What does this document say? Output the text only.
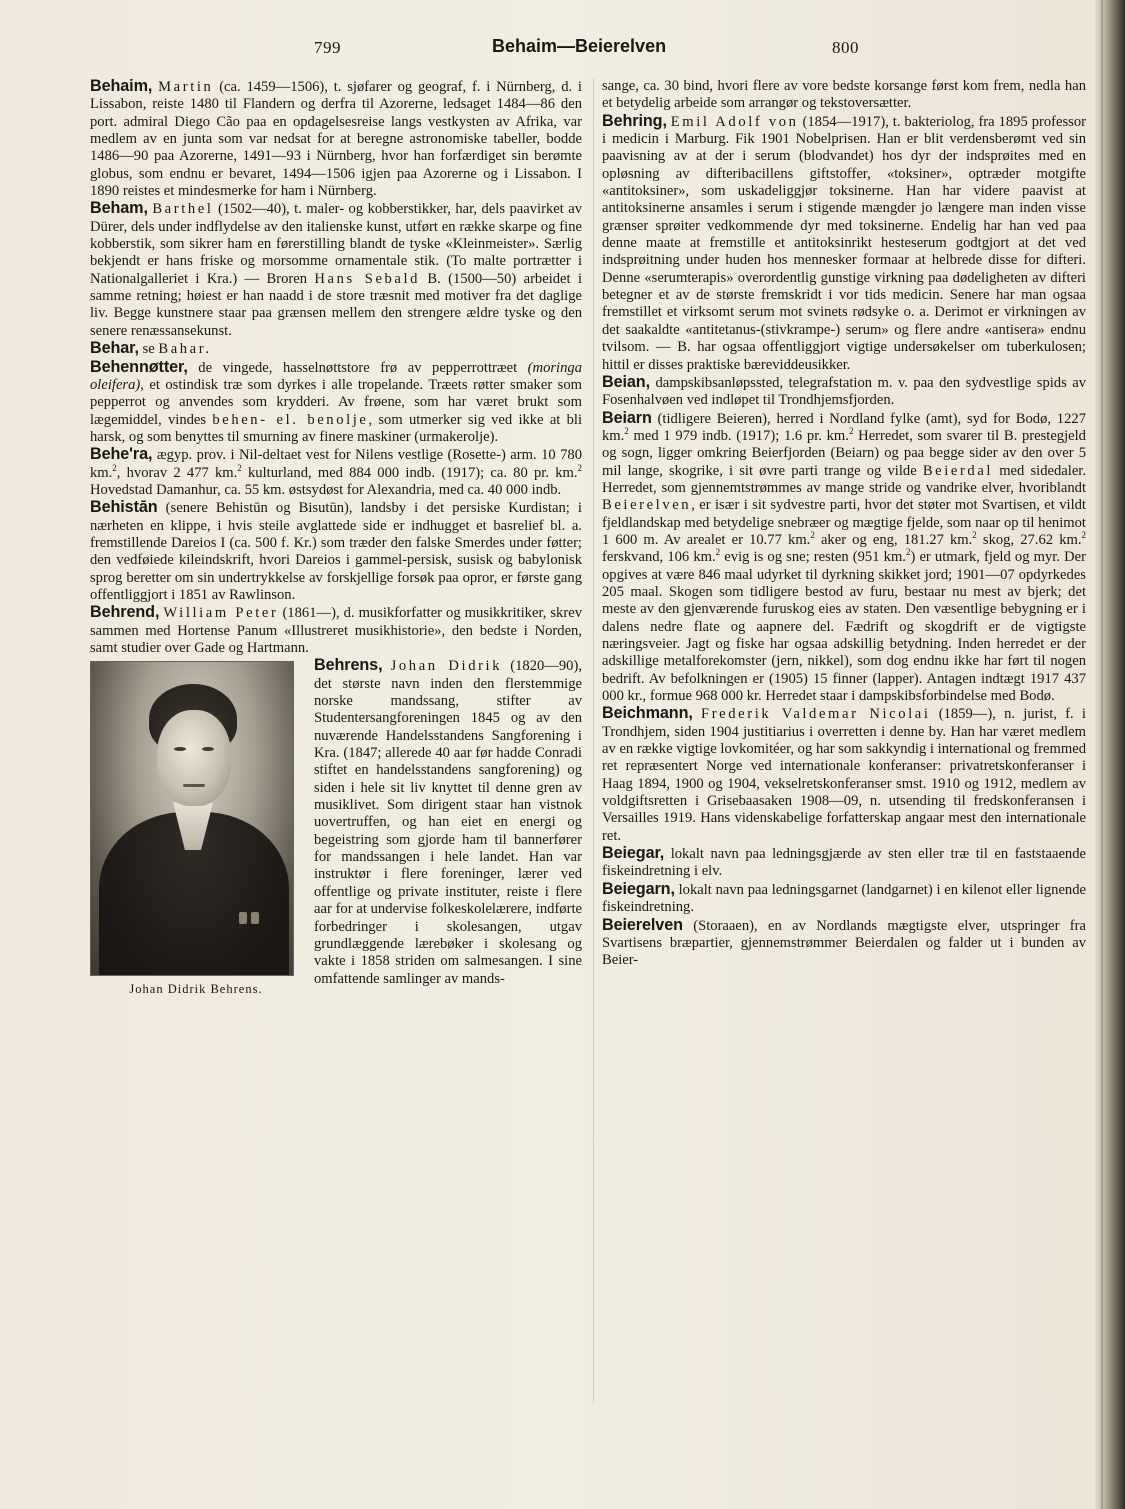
799	Behaim—Beierelven	800

Behaim, Martin (ca. 1459—1506), t. sjøfarer og geograf, f. i Nürnberg, d. i Lissabon, reiste 1480 til Flandern og derfra til Azorerne, ledsaget 1484—86 den port. admiral Diego Cão paa en opdagelsesreise langs vestkysten av Afrika, var medlem av en junta som var nedsat for at beregne astronomiske tabeller, bodde 1486—90 paa Azorerne, 1491—93 i Nürnberg, hvor han forfærdiget sin berømte globus, som endnu er bevaret, 1494—1506 igjen paa Azorerne og i Lissabon. I 1890 reistes et mindesmerke for ham i Nürnberg.

Beham, Barthel (1502—40), t. maler- og kobberstikker, har, dels paavirket av Dürer, dels under indflydelse av den italienske kunst, utført en række skarpe og fine kobberstik, som sikrer ham en førerstilling blandt de tyske «Kleinmeister». Særlig bekjendt er hans friske og morsomme ornamentale stik. (To malte portrætter i Nationalgalleriet i Kra.) — Broren Hans Sebald B. (1500—50) arbeidet i samme retning; høiest er han naadd i de store træsnit med motiver fra det daglige liv. Begge kunstnere staar paa grænsen mellem den strengere ældre tyske og den senere renæssansekunst.

Behar, se Bahar.

Behennøtter, de vingede, hasselnøttstore frø av pepperrottræet (moringa oleifera), et ostindisk træ som dyrkes i alle tropelande. Træets røtter smaker som pepperrot og anvendes som krydderi. Av frøene, som har været brukt som lægemiddel, vindes behen- el. benolje, som utmerker sig ved ikke at bli harsk, og som benyttes til smurning av finere maskiner (urmakerolje).

Behe'ra, ægyp. prov. i Nil-deltaet vest for Nilens vestlige (Rosette-) arm. 10 780 km.$^2$, hvorav 2 477 km.$^2$ kulturland, med 884 000 indb. (1917); ca. 80 pr. km.$^2$ Hovedstad Damanhur, ca. 55 km. østsydøst for Alexandria, med ca. 40 000 indb.

Behistān (senere Behistūn og Bisutūn), landsby i det persiske Kurdistan; i nærheten en klippe, i hvis steile avglattede side er indhugget et basrelief bl. a. fremstillende Dareios I (ca. 500 f. Kr.) som træder den falske Smerdes under føtter; den vedføiede kileindskrift, hvori Dareios i gammel-persisk, susisk og babylonisk sprog beretter om sin undertrykkelse av forskjellige forsøk paa opror, er første gang offentliggjort i 1851 av Rawlinson.

Behrend, William Peter (1861—), d. musikforfatter og musikkritiker, skrev sammen med Hortense Panum «Illustreret musikhistorie», den bedste i Norden, samt studier over Gade og Hartmann.

Johan Didrik Behrens.

Behrens, Johan Didrik (1820—90), det største navn inden den flerstemmige norske mandssang, stifter av Studentersangforeningen 1845 og av den nuværende Handelsstandens Sangforening i Kra. (1847; allerede 40 aar før hadde Conradi stiftet en handelsstandens sangforening) og siden i hele sit liv knyttet til denne gren av musiklivet. Som dirigent staar han vistnok uovertruffen, og han eiet en energi og begeistring som gjorde ham til bannerfører for mandssangen i hele landet. Han var instruktør i flere foreninger, lærer ved offentlige og private instituter, reiste i flere aar for at undervise folkeskolelærere, indførte forbedringer i skolesangen, utgav grundlæggende lærebøker i skolesang og vakte i 1858 striden om salmesangen. I sine omfattende samlinger av mands-

sange, ca. 30 bind, hvori flere av vore bedste korsange først kom frem, nedla han et betydelig arbeide som arrangør og tekstoversætter.

Behring, Emil Adolf von (1854—1917), t. bakteriolog, fra 1895 professor i medicin i Marburg. Fik 1901 Nobelprisen. Han er blit verdensberømt ved sin paavisning av at der i serum (blodvandet) hos dyr der indsprøites med en opløsning av difteribacillens giftstoffer, «toksiner», optræder motgifte «antitoksiner», som uskadeliggjør toksinerne. Han har videre paavist at antitoksinerne ansamles i serum i stigende mængder jo længere man inden visse grænser sprøiter vedkommende dyr med toksinerne. Endelig har han ved paa denne maate at fremstille et antitoksinrikt hesteserum godtgjort at det ved indsprøitning under huden hos mennesker formaar at helbrede disse for difteri. Denne «serumterapis» overordentlig gunstige virkning paa dødeligheten av difteri betegner et av de største fremskridt i vor tids medicin. Senere har man ogsaa fremstillet et virksomt serum mot svinets rødsyke o. a. Derimot er virkningen av det saakaldte «antitetanus-(stivkrampe-) serum» og flere andre «antisera» endnu tvilsom. — B. har ogsaa offentliggjort vigtige undersøkelser om tuberkulosen; hittil er disses praktiske bæreviddeusikker.

Beian, dampskibsanløpssted, telegrafstation m. v. paa den sydvestlige spids av Fosenhalvøen ved indløpet til Trondhjemsfjorden.

Beiarn (tidligere Beieren), herred i Nordland fylke (amt), syd for Bodø, 1227 km.$^2$ med 1 979 indb. (1917); 1.6 pr. km.$^2$ Herredet, som svarer til B. prestegjeld og sogn, ligger omkring Beierfjorden (Beiarn) og paa begge sider av den over 5 mil lange, skogrike, i sit øvre parti trange og vilde Beierdal med sidedaler. Herredet, som gjennemtstrømmes av mange stride og vandrike elver, hvoriblandt Beierelven, er især i sit sydvestre parti, hvor det støter mot Svartisen, et vildt fjeldlandskap med betydelige snebræer og mægtige fjelde, som naar op til henimot 1 600 m. Av arealet er 10.77 km.$^2$ aker og eng, 181.27 km.$^2$ skog, 27.62 km.$^2$ ferskvand, 106 km.$^2$ evig is og sne; resten (951 km.$^2$) er utmark, fjeld og myr. Der opgives at være 846 maal udyrket til dyrkning skikket jord; 1901—07 opdyrkedes 205 maal. Skogen som tidligere bestod av furu, bestaar nu mest av bjerk; det meste av den gjenværende furuskog eies av staten. Den væsentlige bebygning er i dalens nedre flate og aapnere del. Fædrift og skogdrift er de vigtigste næringsveier. Jagt og fiske har ogsaa adskillig betydning. Inden herredet er der adskillige metalforekomster (jern, nikkel), som dog endnu ikke har ført til nogen bedrift. Av befolkningen er (1905) 15 finner (lapper). Antagen indtægt 1917 437 000 kr., formue 968 000 kr. Herredet staar i dampskibsforbindelse med Bodø.

Beichmann, Frederik Valdemar Nicolai (1859—), n. jurist, f. i Trondhjem, siden 1904 justitiarius i overretten i denne by. Han har været medlem av en række vigtige lovkomitéer, og har som sakkyndig i international og fremmed ret repræsentert Norge ved internationale konferanser: privatretskonferanser i Haag 1894, 1900 og 1904, vekselretskonferanser smst. 1910 og 1912, medlem av voldgiftsretten i Grisebaasaken 1908—09, n. utsending til fredskonferansen i Versailles 1919. Hans videnskabelige forfatterskap angaar mest den internationale ret.

Beiegar, lokalt navn paa ledningsgjærde av sten eller træ til en faststaaende fiskeindretning i elv.

Beiegarn, lokalt navn paa ledningsgarnet (landgarnet) i en kilenot eller lignende fiskeindretning.

Beierelven (Storaaen), en av Nordlands mægtigste elver, utspringer fra Svartisens bræpartier, gjennemstrømmer Beierdalen og falder ut i bunden av Beier-
